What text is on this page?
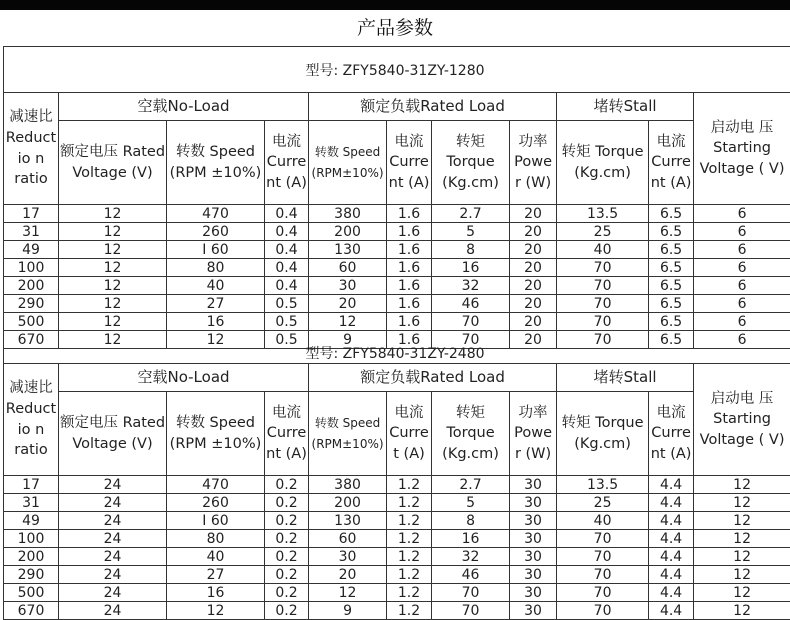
产品参数
型号: ZFY5840-31ZY-1280
减速比 Reduct io n ratio	空载No-Load			额定负载Rated Load				堵转Stall		启动电 压 Starting Voltage ( V)
	额定电压 Rated Voltage (V)	转数 Speed (RPM ±10%)	电流 Curre nt (A)	转数 Speed (RPM±10%)	电流 Curre nt (A)	转矩 Torque (Kg.cm)	功率 Powe r (W)	转矩 Torque (Kg.cm)	电流 Curre nt (A)	
17	12	470	0.4	380	1.6	2.7	20	13.5	6.5	6
31	12	260	0.4	200	1.6	5	20	25	6.5	6
49	12	I 60	0.4	130	1.6	8	20	40	6.5	6
100	12	80	0.4	60	1.6	16	20	70	6.5	6
200	12	40	0.4	30	1.6	32	20	70	6.5	6
290	12	27	0.5	20	1.6	46	20	70	6.5	6
500	12	16	0.5	12	1.6	70	20	70	6.5	6
670	12	12	0.5	9	1.6	70	20	70	6.5	6
型号: ZFY5840-31ZY-2480
减速比 Reduct io n ratio	空载No-Load			额定负载Rated Load				堵转Stall		启动电 压 Starting Voltage ( V)
	额定电压 Rated Voltage (V)	转数 Speed (RPM ±10%)	电流 Curre nt (A)	转数 Speed (RPM±10%)	电流 Curre t (A)	转矩 Torque (Kg.cm)	功率 Powe r (W)	转矩 Torque (Kg.cm)	电流 Curre nt (A)	
17	24	470	0.2	380	1.2	2.7	30	13.5	4.4	12
31	24	260	0.2	200	1.2	5	30	25	4.4	12
49	24	I 60	0.2	130	1.2	8	30	40	4.4	12
100	24	80	0.2	60	1.2	16	30	70	4.4	12
200	24	40	0.2	30	1.2	32	30	70	4.4	12
290	24	27	0.2	20	1.2	46	30	70	4.4	12
500	24	16	0.2	12	1.2	70	30	70	4.4	12
670	24	12	0.2	9	1.2	70	30	70	4.4	12
